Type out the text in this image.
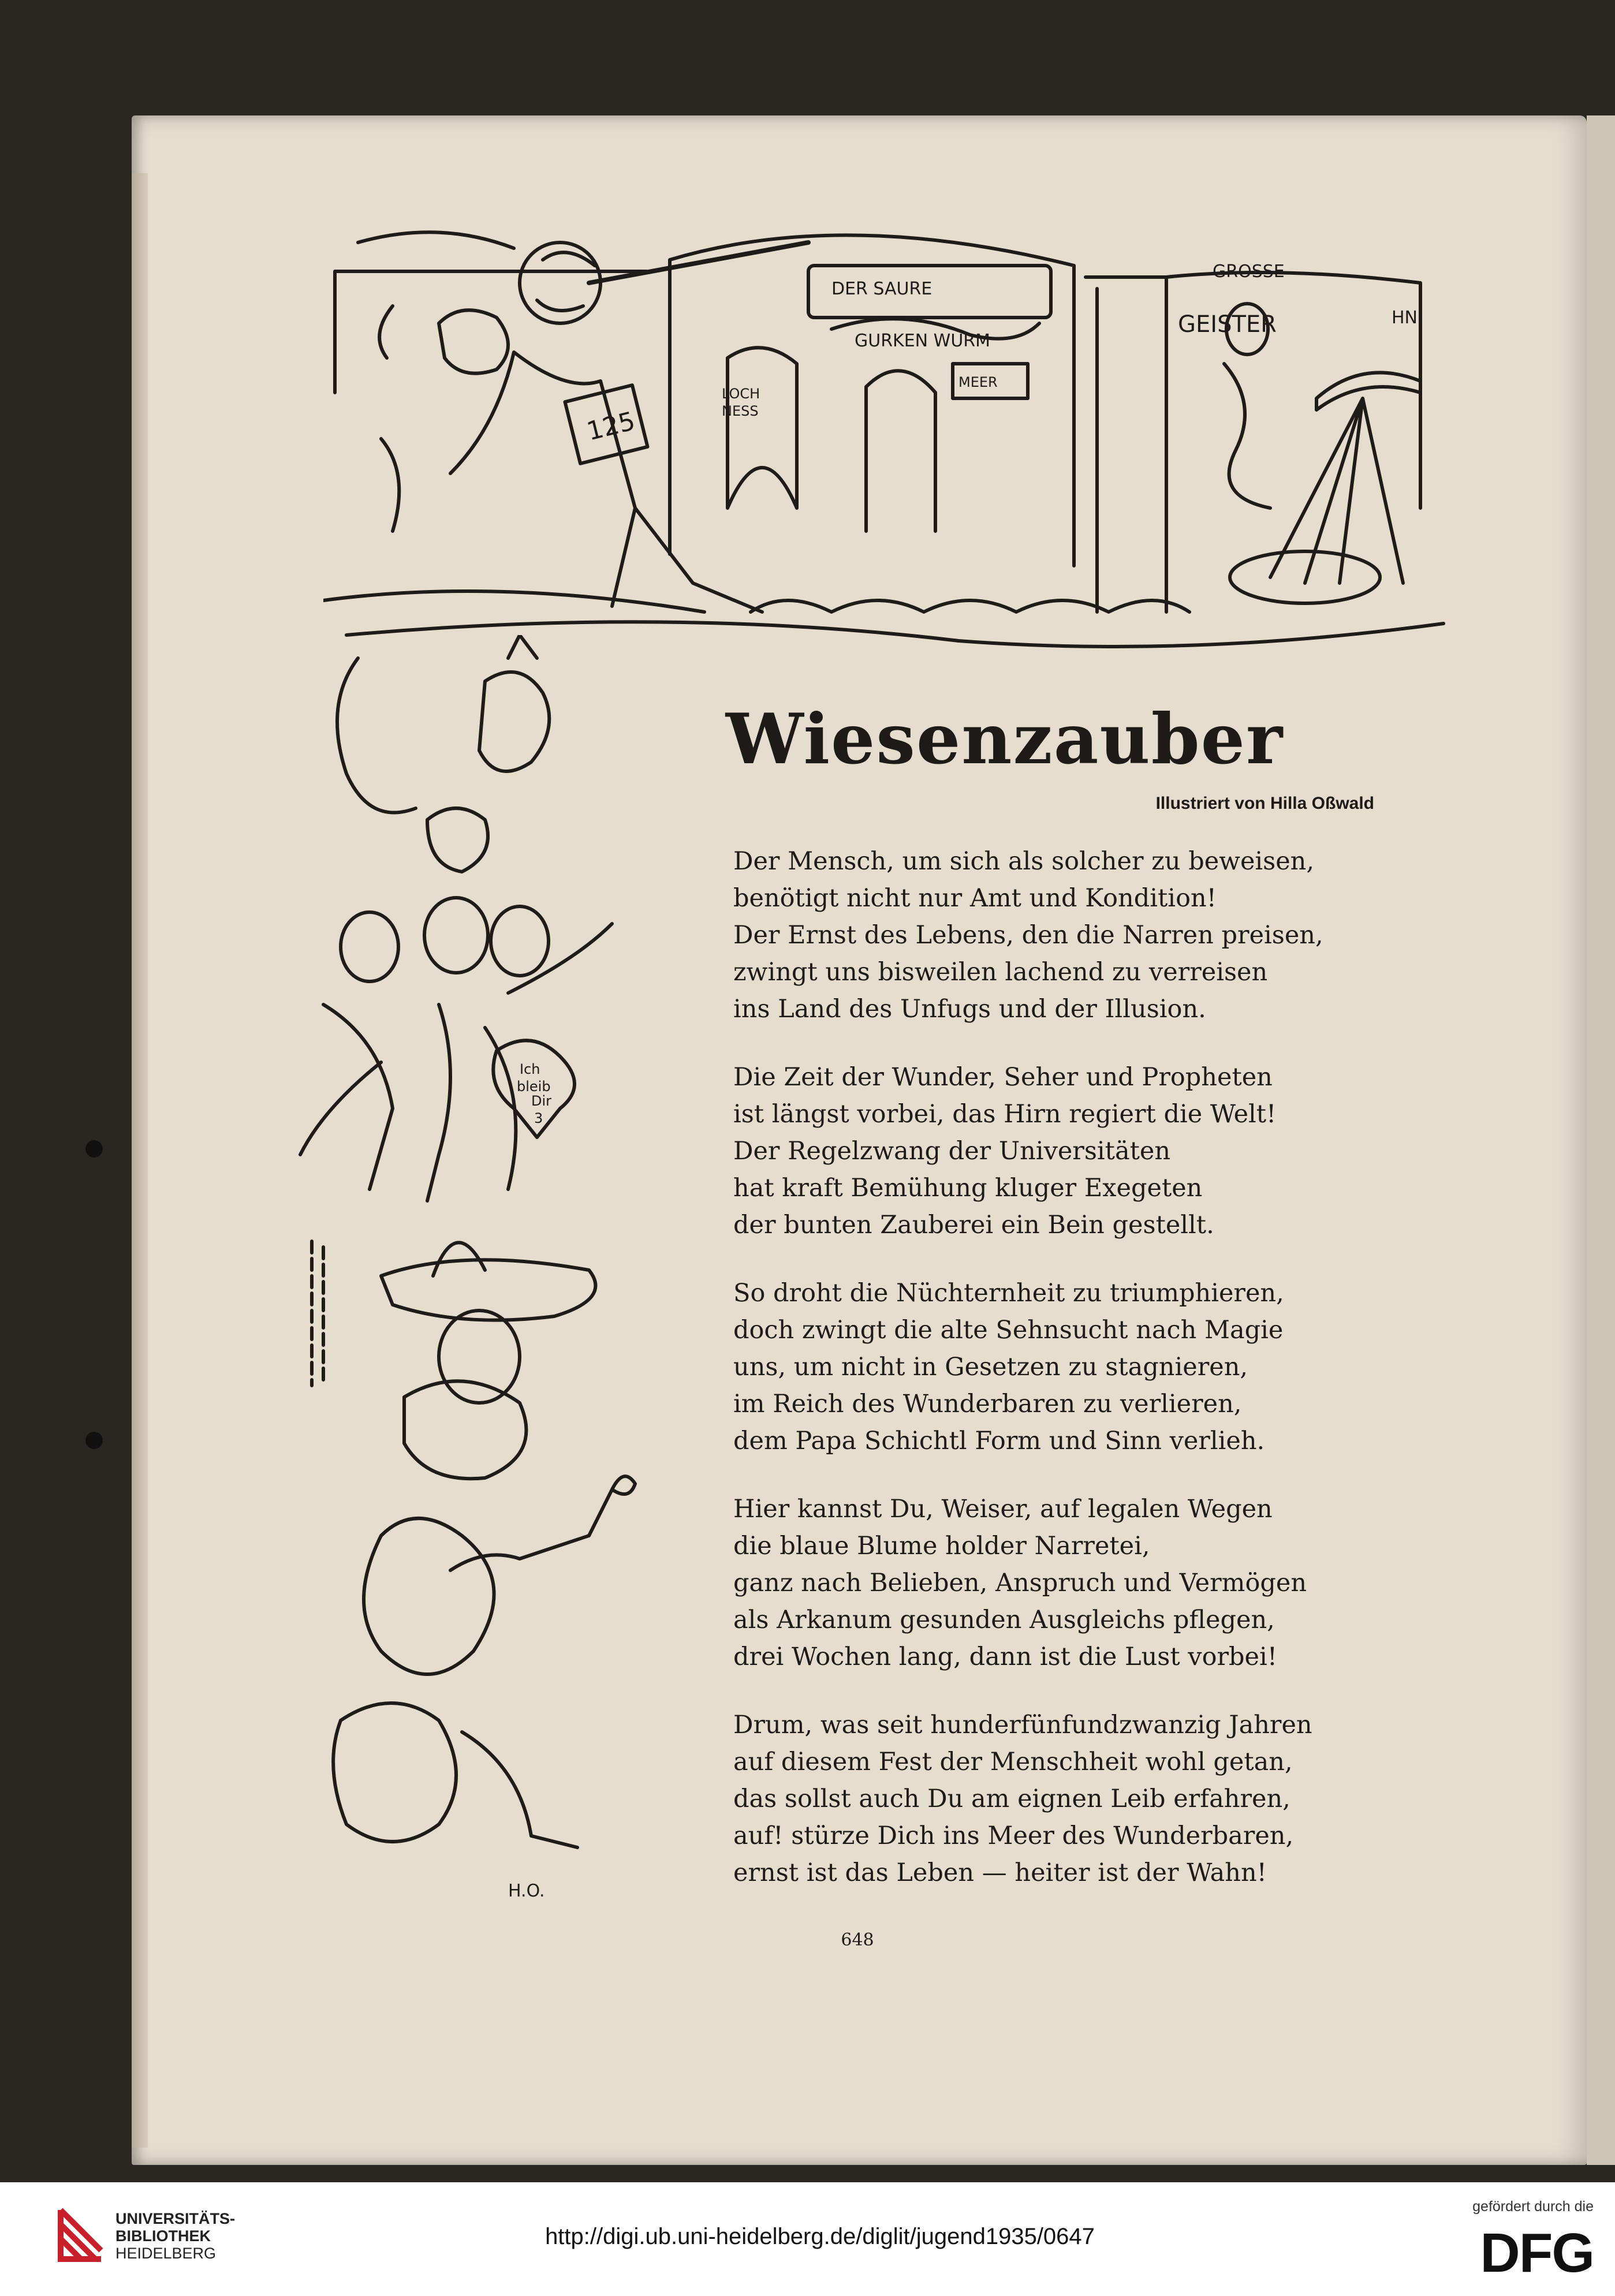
DER SAURE
GURKEN WURM
GROSSE
GEISTER	HN
LOCH
NESS
MEER
125
Ich
bleib
Dir
3
H.O.
Wiesenzauber
Illustriert von Hilla Oßwald
Der Mensch, um sich als solcher zu beweisen,
benötigt nicht nur Amt und Kondition!
Der Ernst des Lebens, den die Narren preisen,
zwingt uns bisweilen lachend zu verreisen
ins Land des Unfugs und der Illusion.
Die Zeit der Wunder, Seher und Propheten
ist längst vorbei, das Hirn regiert die Welt!
Der Regelzwang der Universitäten
hat kraft Bemühung kluger Exegeten
der bunten Zauberei ein Bein gestellt.
So droht die Nüchternheit zu triumphieren,
doch zwingt die alte Sehnsucht nach Magie
uns, um nicht in Gesetzen zu stagnieren,
im Reich des Wunderbaren zu verlieren,
dem Papa Schichtl Form und Sinn verlieh.
Hier kannst Du, Weiser, auf legalen Wegen
die blaue Blume holder Narretei,
ganz nach Belieben, Anspruch und Vermögen
als Arkanum gesunden Ausgleichs pflegen,
drei Wochen lang, dann ist die Lust vorbei!
Drum, was seit hunderfünfundzwanzig Jahren
auf diesem Fest der Menschheit wohl getan,
das sollst auch Du am eignen Leib erfahren,
auf! stürze Dich ins Meer des Wunderbaren,
ernst ist das Leben — heiter ist der Wahn!
648
UNIVERSITÄTS-
BIBLIOTHEK
HEIDELBERG
http://digi.ub.uni-heidelberg.de/diglit/jugend1935/0647
gefördert durch die
DFG
